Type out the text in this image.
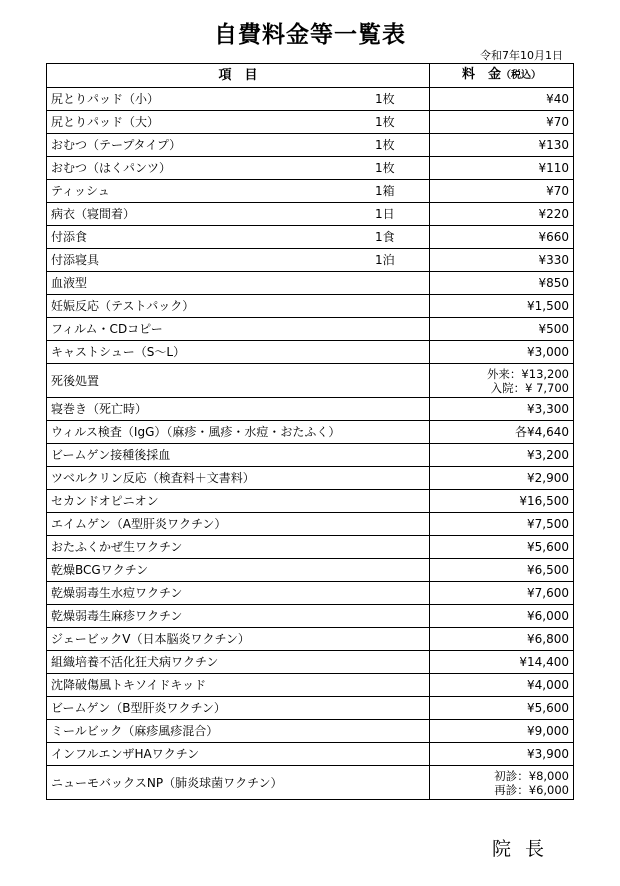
自費料金等一覧表
令和7年10月1日
項　目	料　金（税込）
尻とりパッド（小） 1枚	¥40
尻とりパッド（大） 1枚	¥70
おむつ（テープタイプ） 1枚	¥130
おむつ（はくパンツ） 1枚	¥110
ティッシュ 1箱	¥70
病衣（寝間着） 1日	¥220
付添食 1食	¥660
付添寝具 1泊	¥330
血液型	¥850
妊娠反応（テストパック）	¥1,500
フィルム・CDコピー	¥500
キャストシュー（S～L）	¥3,000
死後処置	外来：¥13,200
入院：¥ 7,700

寝巻き（死亡時）	¥3,300
ウィルス検査（IgG）（麻疹・風疹・水痘・おたふく）	各¥4,640
ビームゲン接種後採血	¥3,200
ツベルクリン反応（検査料＋文書料）	¥2,900
セカンドオピニオン	¥16,500
エイムゲン（A型肝炎ワクチン）	¥7,500
おたふくかぜ生ワクチン	¥5,600
乾燥BCGワクチン	¥6,500
乾燥弱毒生水痘ワクチン	¥7,600
乾燥弱毒生麻疹ワクチン	¥6,000
ジェービックV（日本脳炎ワクチン）	¥6,800
組織培養不活化狂犬病ワクチン	¥14,400
沈降破傷風トキソイドキッド	¥4,000
ビームゲン（B型肝炎ワクチン）	¥5,600
ミールビック（麻疹風疹混合）	¥9,000
インフルエンザHAワクチン	¥3,900
ニューモバックスNP（肺炎球菌ワクチン）	初診：¥8,000
再診：¥6,000
院長
